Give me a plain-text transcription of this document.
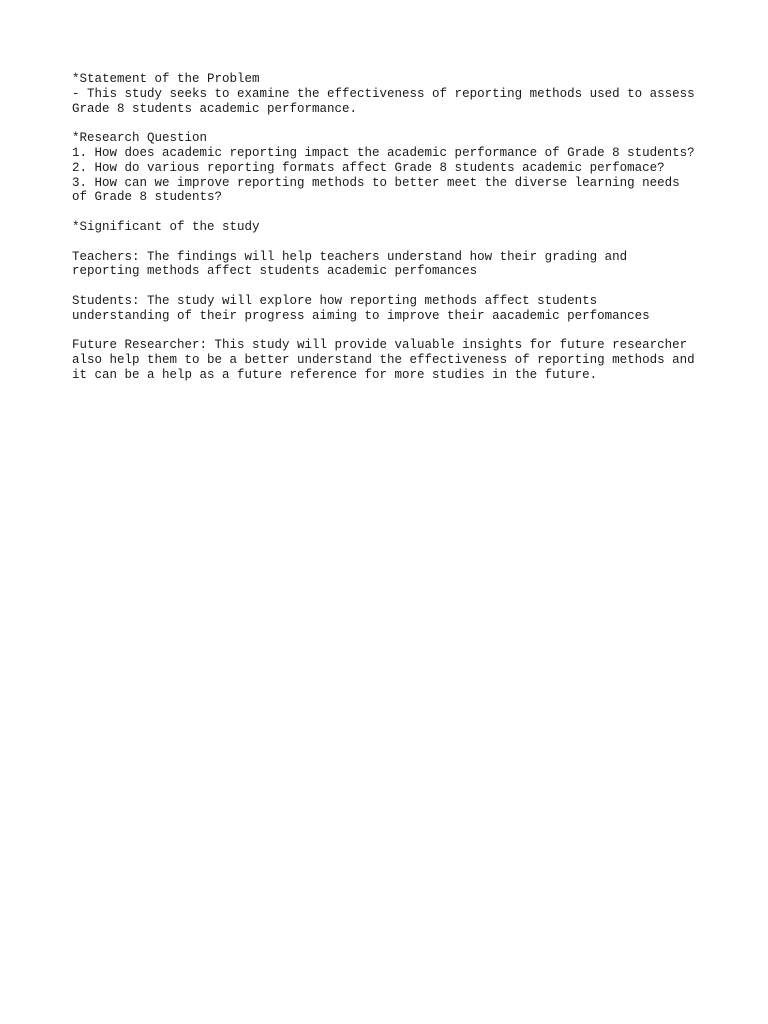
*Statement of the Problem
- This study seeks to examine the effectiveness of reporting methods used to assess
Grade 8 students academic performance.
*Research Question
1. How does academic reporting impact the academic performance of Grade 8 students?
2. How do various reporting formats affect Grade 8 students academic perfomace?
3. How can we improve reporting methods to better meet the diverse learning needs
of Grade 8 students?
*Significant of the study
Teachers: The findings will help teachers understand how their grading and
reporting methods affect students academic perfomances
Students: The study will explore how reporting methods affect students
understanding of their progress aiming to improve their aacademic perfomances
Future Researcher: This study will provide valuable insights for future researcher
also help them to be a better understand the effectiveness of reporting methods and
it can be a help as a future reference for more studies in the future.
